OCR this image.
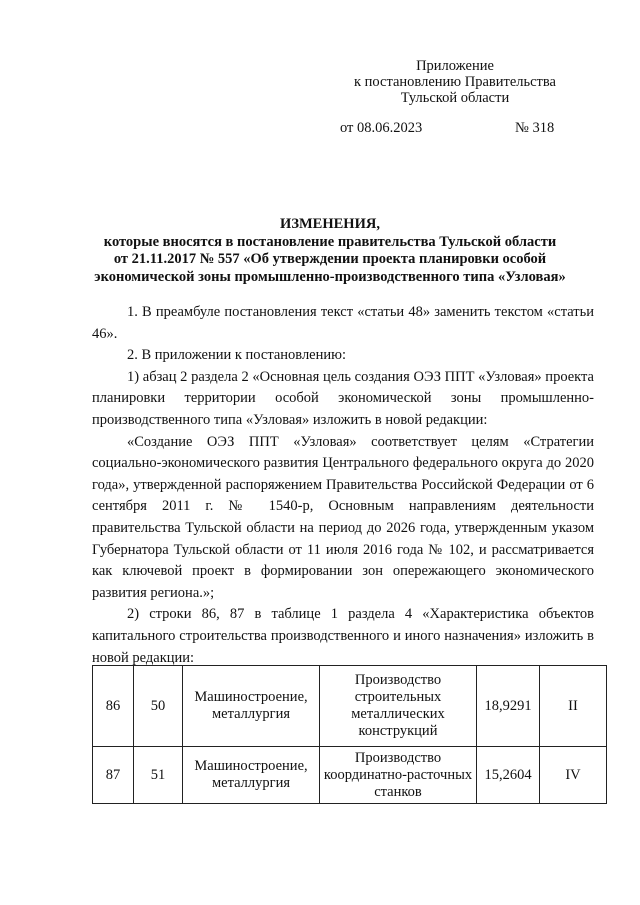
Приложение
к постановлению Правительства
Тульской области
от 08.06.2023	№ 318
ИЗМЕНЕНИЯ,
которые вносятся в постановление правительства Тульской области
от 21.11.2017 № 557 «Об утверждении проекта планировки особой
экономической зоны промышленно-производственного типа «Узловая»

1. В преамбуле постановления текст «статьи 48» заменить текстом «статьи 46».

2. В приложении к постановлению:

1) абзац 2 раздела 2 «Основная цель создания ОЭЗ ППТ «Узловая» проекта планировки территории особой экономической зоны промышленно-производственного типа «Узловая» изложить в новой редакции:

«Создание ОЭЗ ППТ «Узловая» соответствует целям «Стратегии социально-экономического развития Центрального федерального округа до 2020 года», утвержденной распоряжением Правительства Российской Федерации от 6 сентября 2011 г. № 1540-р, Основным направлениям деятельности правительства Тульской области на период до 2026 года, утвержденным указом Губернатора Тульской области от 11 июля 2016 года № 102, и рассматривается как ключевой проект в формировании зон опережающего экономического развития региона.»;

2) строки 86, 87 в таблице 1 раздела 4 «Характеристика объектов капитального строительства производственного и иного назначения» изложить в новой редакции:

86	50	Машиностроение, металлургия	Производство строительных металлических конструкций	18,9291	II
87	51	Машиностроение, металлургия	Производство координатно-расточных станков	15,2604	IV
